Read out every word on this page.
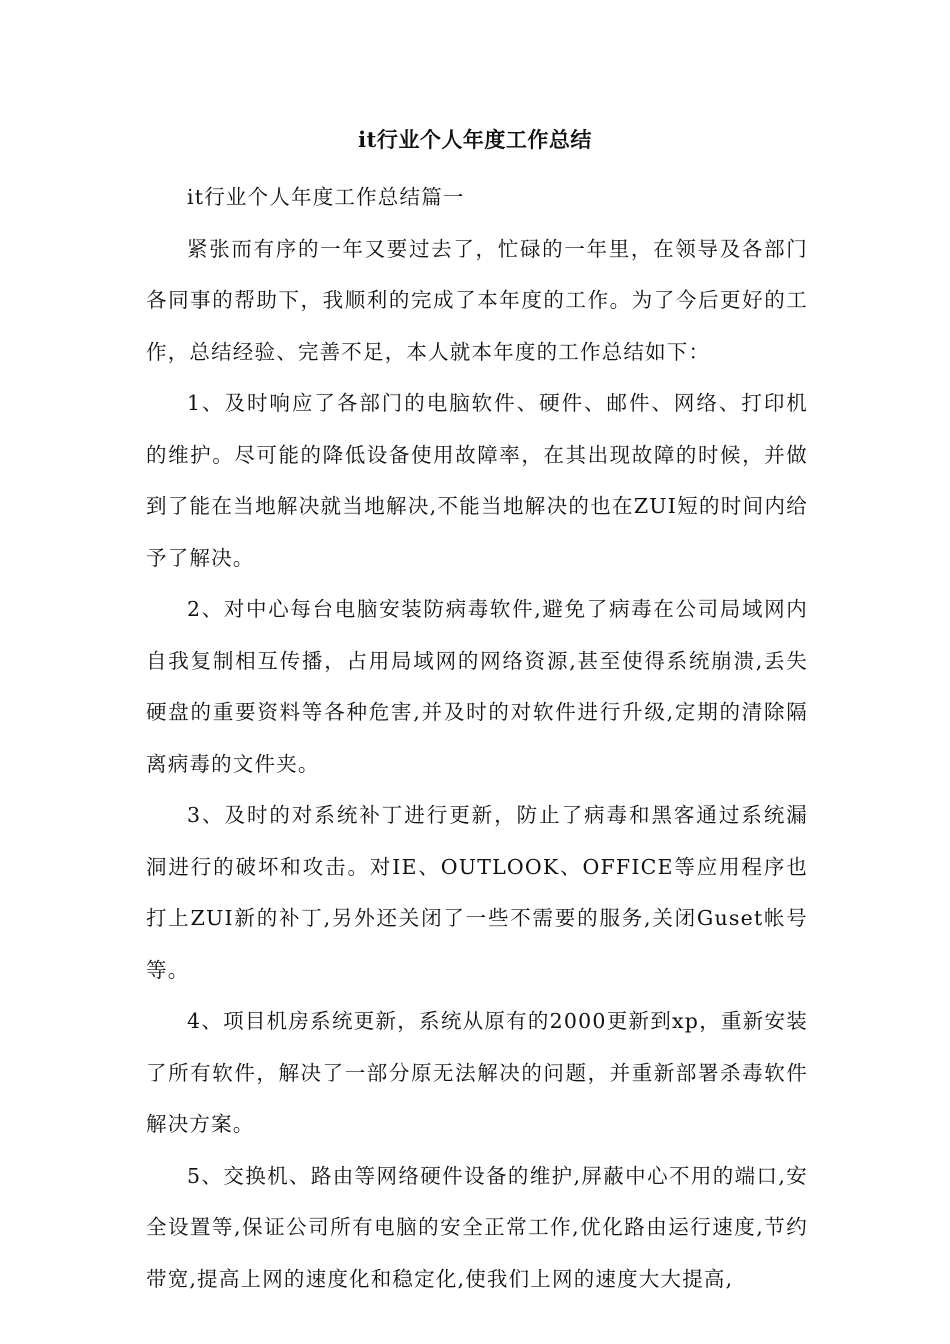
it行业个人年度工作总结

it行业个人年度工作总结篇一

紧张而有序的一年又要过去了，忙碌的一年里，在领导及各部门各同事的帮助下，我顺利的完成了本年度的工作。为了今后更好的工作，总结经验、完善不足，本人就本年度的工作总结如下：

1、及时响应了各部门的电脑软件、硬件、邮件、网络、打印机的维护。尽可能的降低设备使用故障率，在其出现故障的时候，并做到了能在当地解决就当地解决,不能当地解决的也在ZUI短的时间内给予了解决。

2、对中心每台电脑安装防病毒软件,避免了病毒在公司局域网内自我复制相互传播，占用局域网的网络资源,甚至使得系统崩溃,丢失硬盘的重要资料等各种危害,并及时的对软件进行升级,定期的清除隔离病毒的文件夹。

3、及时的对系统补丁进行更新，防止了病毒和黑客通过系统漏洞进行的破坏和攻击。对IE、OUTLOOK、OFFICE等应用程序也打上ZUI新的补丁,另外还关闭了一些不需要的服务,关闭Guset帐号等。

4、项目机房系统更新，系统从原有的2000更新到xp，重新安装了所有软件，解决了一部分原无法解决的问题，并重新部署杀毒软件解决方案。

5、交换机、路由等网络硬件设备的维护,屏蔽中心不用的端口,安全设置等,保证公司所有电脑的安全正常工作,优化路由运行速度,节约带宽,提高上网的速度化和稳定化,使我们上网的速度大大提高,
